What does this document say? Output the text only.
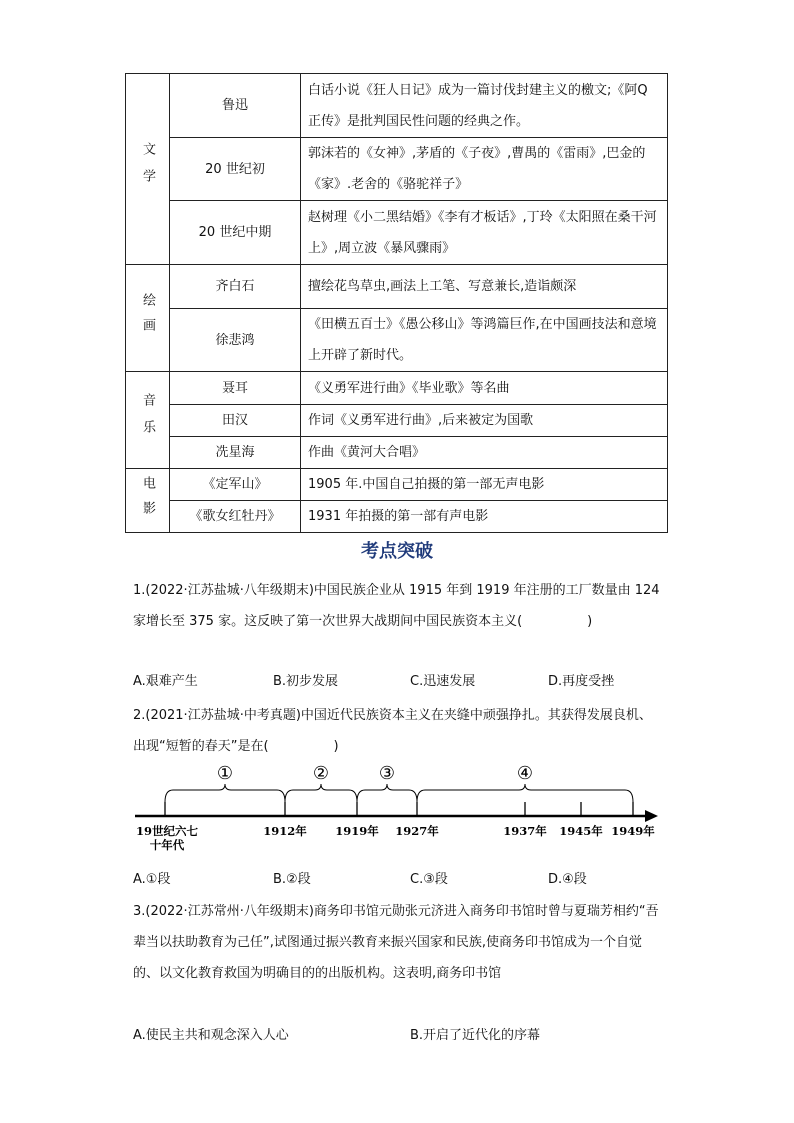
文学	鲁迅	白话小说《狂人日记》成为一篇讨伐封建主义的檄文;《阿Q 正传》是批判国民性问题的经典之作。
	20 世纪初	郭沫若的《女神》,茅盾的《子夜》,曹禺的《雷雨》,巴金的《家》.老舍的《骆驼祥子》
	20 世纪中期	赵树理《小二黑结婚》《李有才板话》,丁玲《太阳照在桑干河上》,周立波《暴风骤雨》
绘画	齐白石	擅绘花鸟草虫,画法上工笔、写意兼长,造诣颇深
	徐悲鸿	《田横五百士》《愚公移山》等鸿篇巨作,在中国画技法和意境上开辟了新时代。
音乐	聂耳	《义勇军进行曲》《毕业歌》等名曲
	田汉	作词《义勇军进行曲》,后来被定为国歌
	冼星海	作曲《黄河大合唱》
电影	《定军山》	1905 年.中国自己拍摄的第一部无声电影
	《歌女红牡丹》	1931 年拍摄的第一部有声电影
考点突破
1.(2022·江苏盐城·八年级期末)中国民族企业从 1915 年到 1919 年注册的工厂数量由 124 家增长至 375 家。这反映了第一次世界大战期间中国民族资本主义(　　　　　)
A.艰难产生	B.初步发展	C.迅速发展	D.再度受挫
2.(2021·江苏盐城·中考真题)中国近代民族资本主义在夹缝中顽强挣扎。其获得发展良机、出现“短暂的春天”是在(　　　　　)
19世纪六七
十年代
1912年 1919年 1927年	1937年 1945年 1949年
①	②	③	④
A.①段	B.②段	C.③段	D.④段
3.(2022·江苏常州·八年级期末)商务印书馆元勋张元济进入商务印书馆时曾与夏瑞芳相约“吾辈当以扶助教育为己任”,试图通过振兴教育来振兴国家和民族,使商务印书馆成为一个自觉的、以文化教育救国为明确目的的出版机构。这表明,商务印书馆
A.使民主共和观念深入人心	B.开启了近代化的序幕
